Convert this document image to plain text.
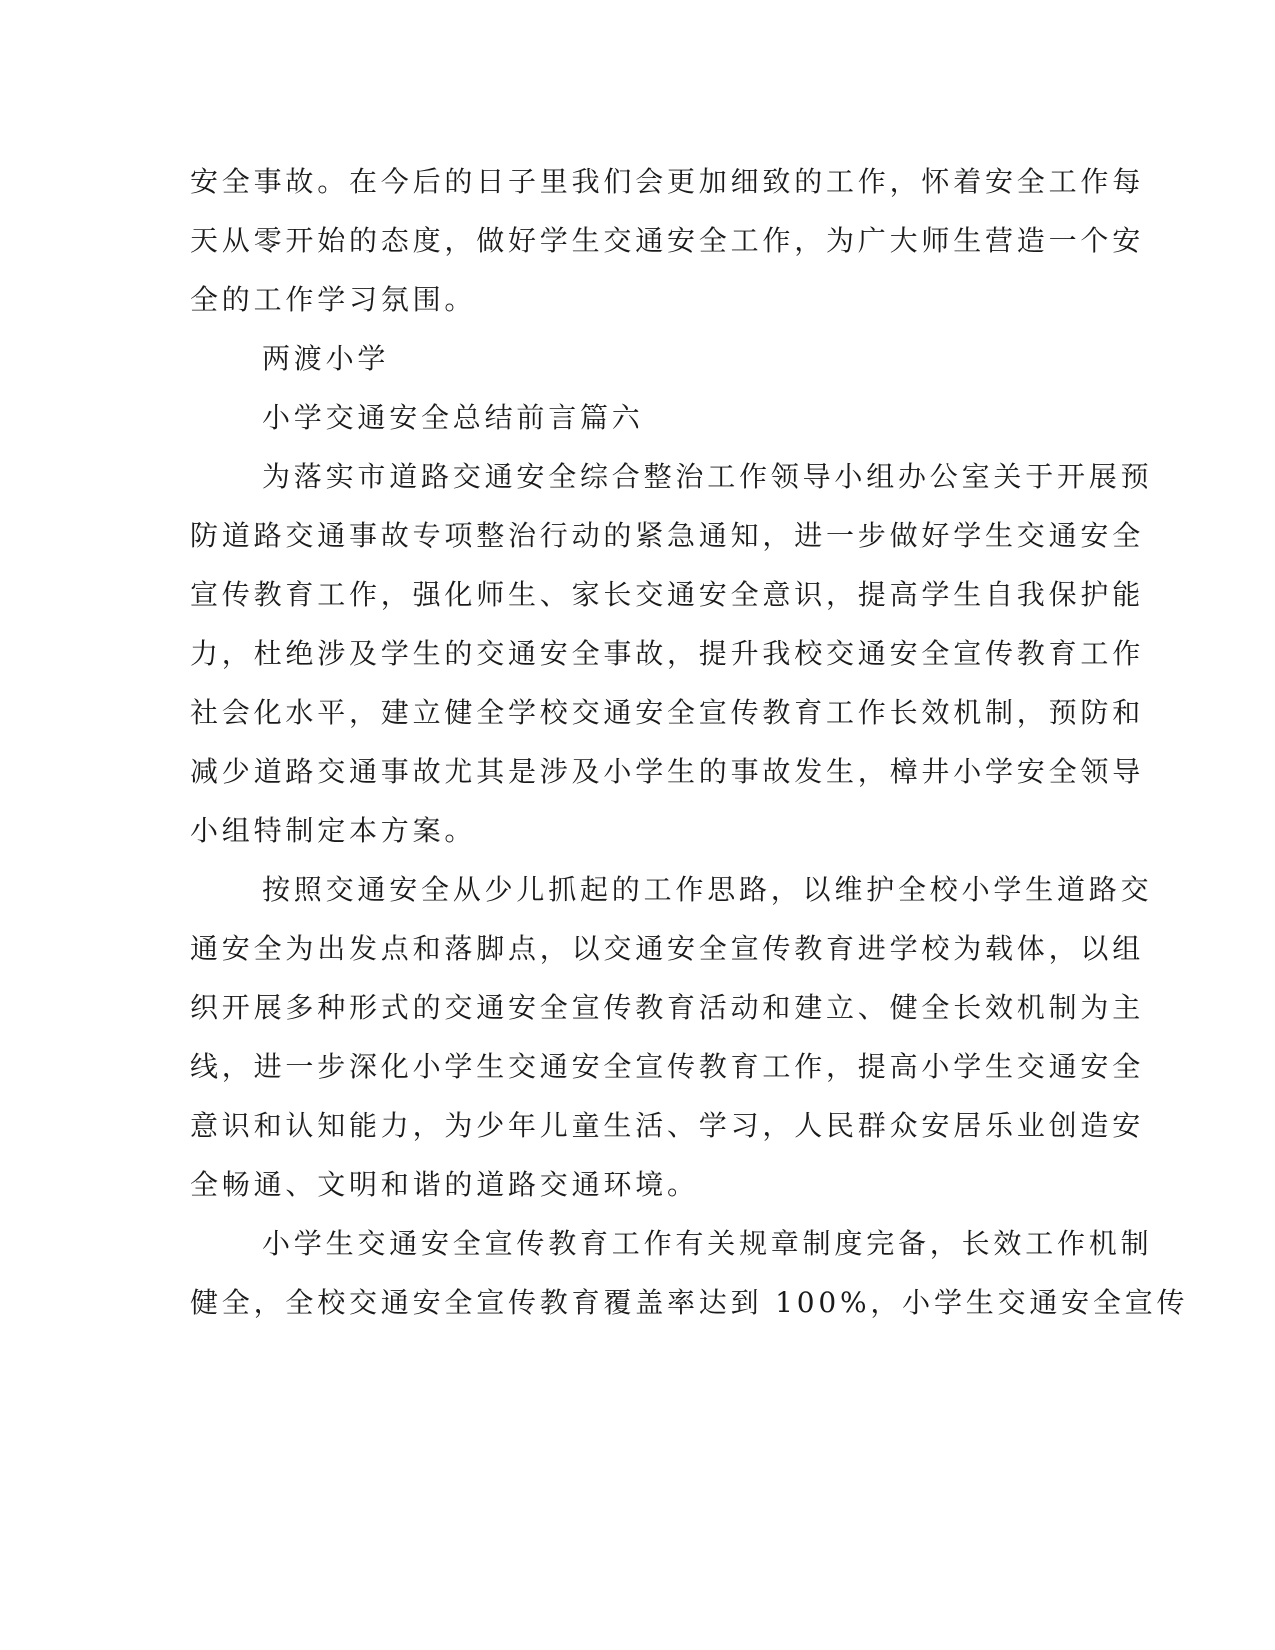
安全事故。在今后的日子里我们会更加细致的工作，怀着安全工作每

天从零开始的态度，做好学生交通安全工作，为广大师生营造一个安

全的工作学习氛围。

两渡小学

小学交通安全总结前言篇六

为落实市道路交通安全综合整治工作领导小组办公室关于开展预

防道路交通事故专项整治行动的紧急通知，进一步做好学生交通安全

宣传教育工作，强化师生、家长交通安全意识，提高学生自我保护能

力，杜绝涉及学生的交通安全事故，提升我校交通安全宣传教育工作

社会化水平，建立健全学校交通安全宣传教育工作长效机制，预防和

减少道路交通事故尤其是涉及小学生的事故发生，樟井小学安全领导

小组特制定本方案。

按照交通安全从少儿抓起的工作思路，以维护全校小学生道路交

通安全为出发点和落脚点，以交通安全宣传教育进学校为载体，以组

织开展多种形式的交通安全宣传教育活动和建立、健全长效机制为主

线，进一步深化小学生交通安全宣传教育工作，提高小学生交通安全

意识和认知能力，为少年儿童生活、学习，人民群众安居乐业创造安

全畅通、文明和谐的道路交通环境。

小学生交通安全宣传教育工作有关规章制度完备，长效工作机制

健全，全校交通安全宣传教育覆盖率达到 100%，小学生交通安全宣传
